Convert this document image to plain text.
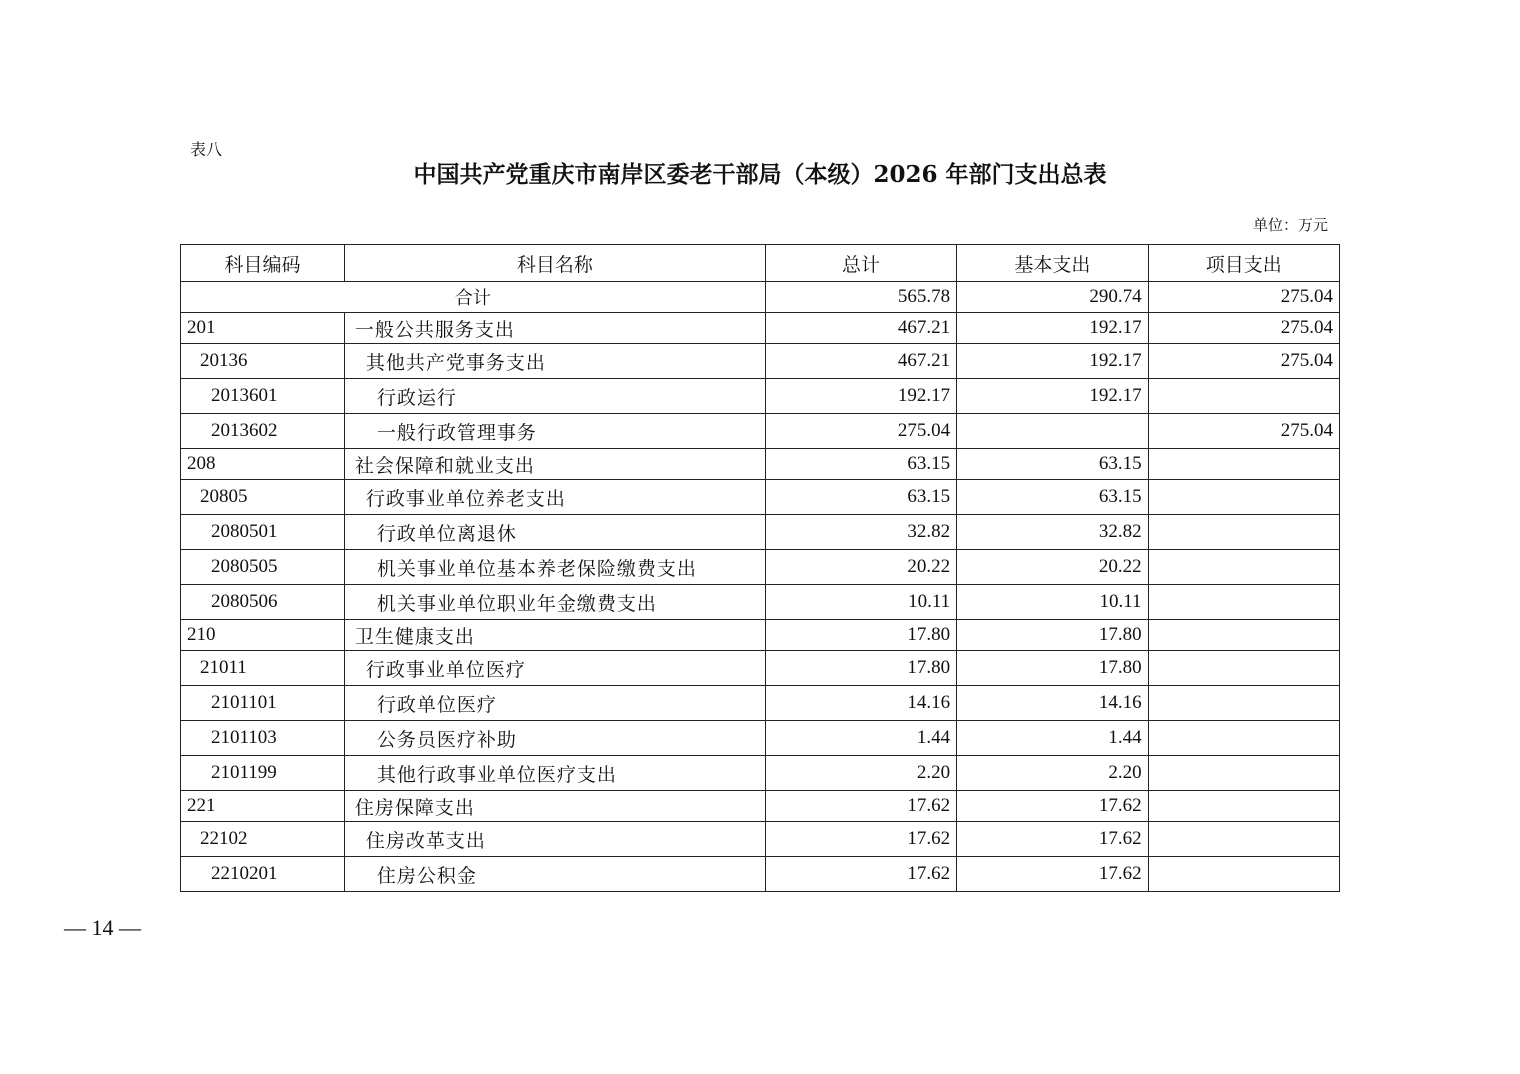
表八
中国共产党重庆市南岸区委老干部局（本级）2026 年部门支出总表
单位：万元
科目编码	科目名称	总计	基本支出	项目支出
合计		565.78	290.74	275.04
201	一般公共服务支出	467.21	192.17	275.04
20136	其他共产党事务支出	467.21	192.17	275.04
2013601	行政运行	192.17	192.17	
2013602	一般行政管理事务	275.04		275.04
208	社会保障和就业支出	63.15	63.15	
20805	行政事业单位养老支出	63.15	63.15	
2080501	行政单位离退休	32.82	32.82	
2080505	机关事业单位基本养老保险缴费支出	20.22	20.22	
2080506	机关事业单位职业年金缴费支出	10.11	10.11	
210	卫生健康支出	17.80	17.80	
21011	行政事业单位医疗	17.80	17.80	
2101101	行政单位医疗	14.16	14.16	
2101103	公务员医疗补助	1.44	1.44	
2101199	其他行政事业单位医疗支出	2.20	2.20	
221	住房保障支出	17.62	17.62	
22102	住房改革支出	17.62	17.62	
2210201	住房公积金	17.62	17.62	
— 14 —
